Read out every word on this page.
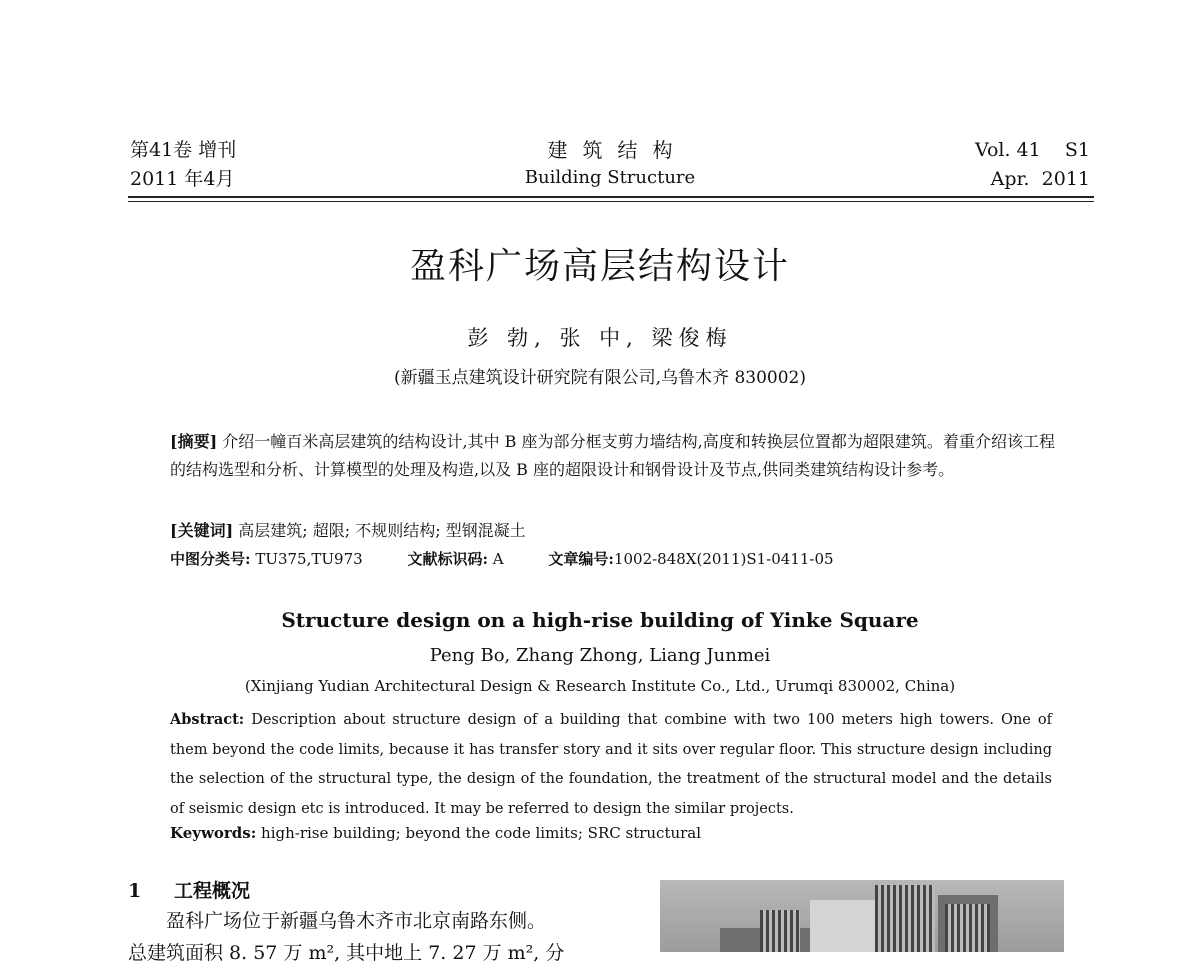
第41卷 增刊
2011 年4月
建筑结构
Building Structure
Vol. 41    S1
Apr.  2011
盈科广场高层结构设计
彭 勃, 张 中, 梁俊梅
(新疆玉点建筑设计研究院有限公司,乌鲁木齐 830002)
[摘要] 介绍一幢百米高层建筑的结构设计,其中 B 座为部分框支剪力墙结构,高度和转换层位置都为超限建筑。着重介绍该工程的结构选型和分析、计算模型的处理及构造,以及 B 座的超限设计和钢骨设计及节点,供同类建筑结构设计参考。
[关键词] 高层建筑; 超限; 不规则结构; 型钢混凝土
中图分类号: TU375,TU973	文献标识码: A	文章编号:1002-848X(2011)S1-0411-05
Structure design on a high-rise building of Yinke Square
Peng Bo, Zhang Zhong, Liang Junmei
(Xinjiang Yudian Architectural Design & Research Institute Co., Ltd., Urumqi 830002, China)
Abstract: Description about structure design of a building that combine with two 100 meters high towers. One of them beyond the code limits, because it has transfer story and it sits over regular floor. This structure design including the selection of the structural type, the design of the foundation, the treatment of the structural model and the details of seismic design etc is introduced. It may be referred to design the similar projects.
Keywords: high-rise building; beyond the code limits; SRC structural
1 工程概况
盈科广场位于新疆乌鲁木齐市北京南路东侧。
总建筑面积 8. 57 万 m², 其中地上 7. 27 万 m², 分
